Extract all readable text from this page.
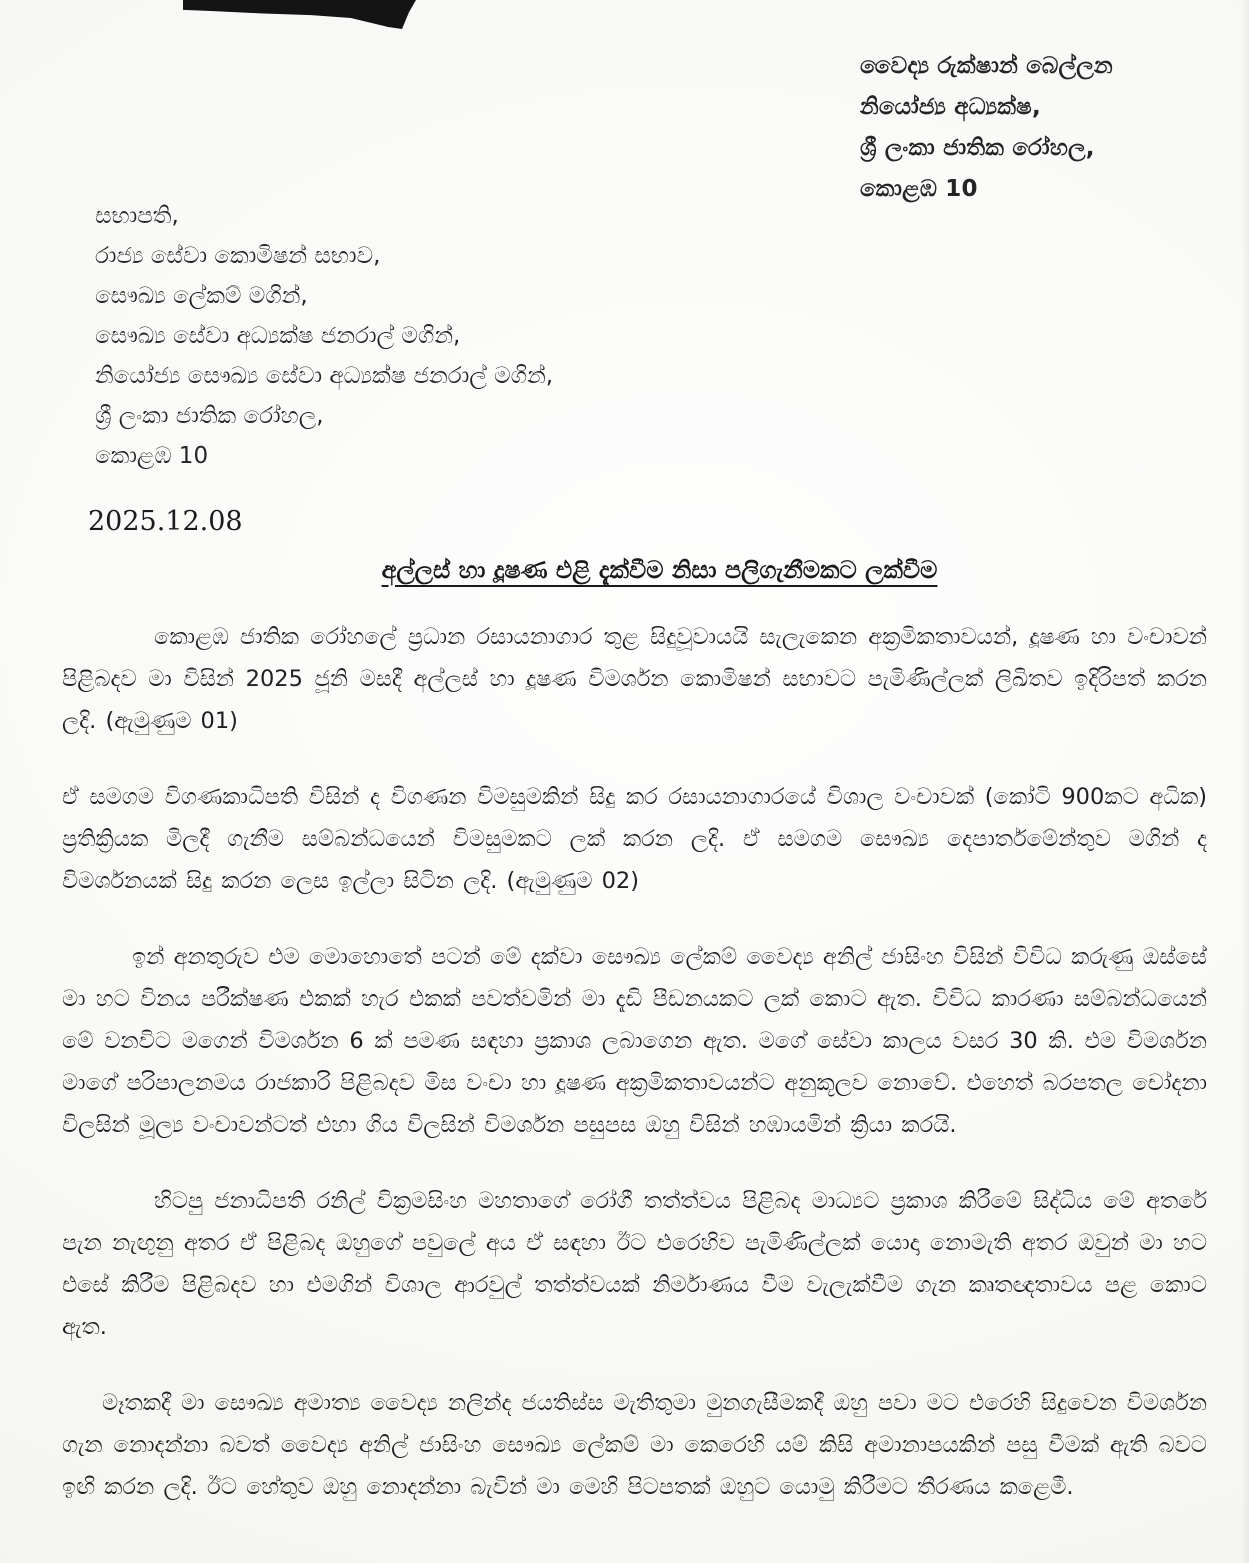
වෛද්‍ය රුක්ෂාන් බෙල්ලන
නියෝජ්‍ය අධ්‍යක්ෂ,
ශ්‍රී ලංකා ජාතික රෝහල,
කොළඹ 10
සභාපති,
රාජ්‍ය සේවා කොමිෂන් සභාව,
සෞඛ්‍ය ලේකම් මගින්,
සෞඛ්‍ය සේවා අධ්‍යක්ෂ ජනරාල් මගින්,
නියෝජ්‍ය සෞඛ්‍ය සේවා අධ්‍යක්ෂ ජනරාල් මගින්,
ශ්‍රී ලංකා ජාතික රෝහල,
කොළඹ 10
2025.12.08
අල්ලස් හා දූෂණ එළි දැක්වීම නිසා පලිගැනීමකට ලක්වීම

කොළඹ ජාතික රෝහලේ ප්‍රධාන රසායනාගාර තුළ සිදුවූවායයි සැලැකෙන අක්‍රමිකතාවයන්, දූෂණ හා වංචාවන් පිළිබදව මා විසින් 2025 ජූනි මසදී අල්ලස් හා දූෂණ විමර්ශන කොමිෂන් සභාවට පැමිණිල්ලක් ලිඛිතව ඉදිරිපත් කරන ලදි. (ඇමුණුම 01)

ඒ සමගම විගණකාධිපති විසින් ද විගණන විමසුමකින් සිදු කර රසායනාගාරයේ විශාල වංචාවක් (කෝටි 900කට අධික) ප්‍රතික්‍රියක මිලදී ගැනීම සම්බන්ධයෙන් විමසුමකට ලක් කරන ලදි. ඒ සමගම සෞඛ්‍ය දෙපාර්තමේන්තුව මගින් ද විමර්ශනයක් සිදු කරන ලෙස ඉල්ලා සිටින ලදි. (ඇමුණුම 02)

ඉන් අනතුරුව එම මොහොතේ පටන් මේ දක්වා සෞඛ්‍ය ලේකම් වෛද්‍ය අනිල් ජාසිංහ විසින් විවිධ කරුණු ඔස්සේ මා හට විනය පරීක්ෂණ එකක් හැර එකක් පවත්වමින් මා දැඩි පීඩනයකට ලක් කොට ඇත. විවිධ කාරණා සම්බන්ධයෙන් මේ වනවිට මගෙන් විමර්ශන 6 ක් පමණ සඳහා ප්‍රකාශ ලබාගෙන ඇත. මගේ සේවා කාලය වසර 30 කි. එම විමර්ශන මාගේ පරිපාලනමය රාජකාරි පිළිබදව මිස වංචා හා දූෂණ අක්‍රමිකතාවයන්ට අනුකූලව නොවේ. එහෙත් බරපතල චෝදනා විලසින් මූල්‍ය වංචාවන්ටත් එහා ගිය විලසින් විමර්ශන පසුපස ඔහු විසින් හඹායමින් ක්‍රියා කරයි.

හිටපු ජනාධිපති රනිල් වික්‍රමසිංහ මහතාගේ රෝගී තත්ත්වය පිළිබද මාධ්‍යට ප්‍රකාශ කිරීමේ සිද්ධිය මේ අතරේ පැන නැඟුනු අතර ඒ පිළිබද ඔහුගේ පවුලේ අය ඒ සඳහා ඊට එරෙහිව පැමිණිල්ලක් යොදා නොමැති අතර ඔවුන් මා හට එසේ කිරීම පිළිබදව හා එමගින් විශාල ආරවුල් තත්ත්වයක් නිර්මාණය වීම වැලැක්වීම ගැන කෘතඥතාවය පළ කොට ඇත.

මෑතකදී මා සෞඛ්‍ය අමාත්‍ය වෛද්‍ය නලින්ද ජයතිස්ස මැතිතුමා මුනගැසීමකදී ඔහු පවා මට එරෙහි සිදුවෙන විමර්ශන ගැන නොදන්නා බවත් වෛද්‍ය අනිල් ජාසිංහ සෞඛ්‍ය ලේකම් මා කෙරෙහි යම් කිසි අමානාපයකින් පසු වීමක් ඇති බවට ඉඟි කරන ලදි. ඊට හේතුව ඔහු නොදන්නා බැවින් මා මෙහි පිටපතක් ඔහුට යොමු කිරීමට තීරණය කළෙමී.
